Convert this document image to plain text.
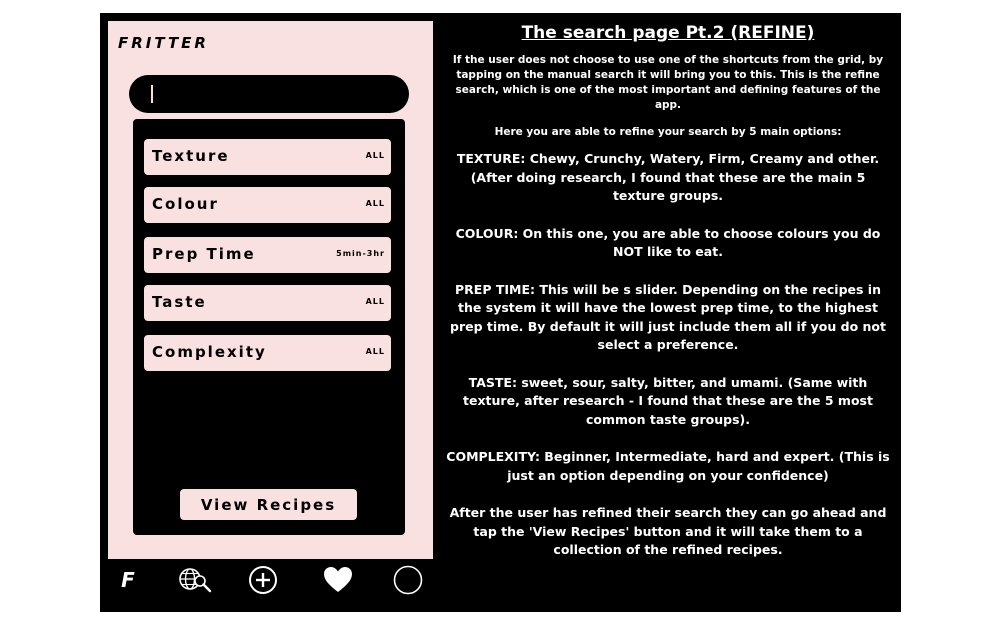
FRITTER
Texture	ALL
Colour	ALL
Prep Time	5min-3hr
Taste	ALL
Complexity	ALL
View Recipes
F
The search page Pt.2 (REFINE)

If the user does not choose to use one of the shortcuts from the grid, by tapping on the manual search it will bring you to this. This is the refine search, which is one of the most important and defining features of the app.

Here you are able to refine your search by 5 main options:

TEXTURE: Chewy, Crunchy, Watery, Firm, Creamy and other. (After doing research, I found that these are the main 5 texture groups.

COLOUR: On this one, you are able to choose colours you do NOT like to eat.

PREP TIME: This will be s slider. Depending on the recipes in the system it will have the lowest prep time, to the highest prep time. By default it will just include them all if you do not select a preference.

TASTE: sweet, sour, salty, bitter, and umami. (Same with texture, after research - I found that these are the 5 most common taste groups).

COMPLEXITY: Beginner, Intermediate, hard and expert. (This is just an option depending on your confidence)

After the user has refined their search they can go ahead and tap the 'View Recipes' button and it will take them to a collection of the refined recipes.
